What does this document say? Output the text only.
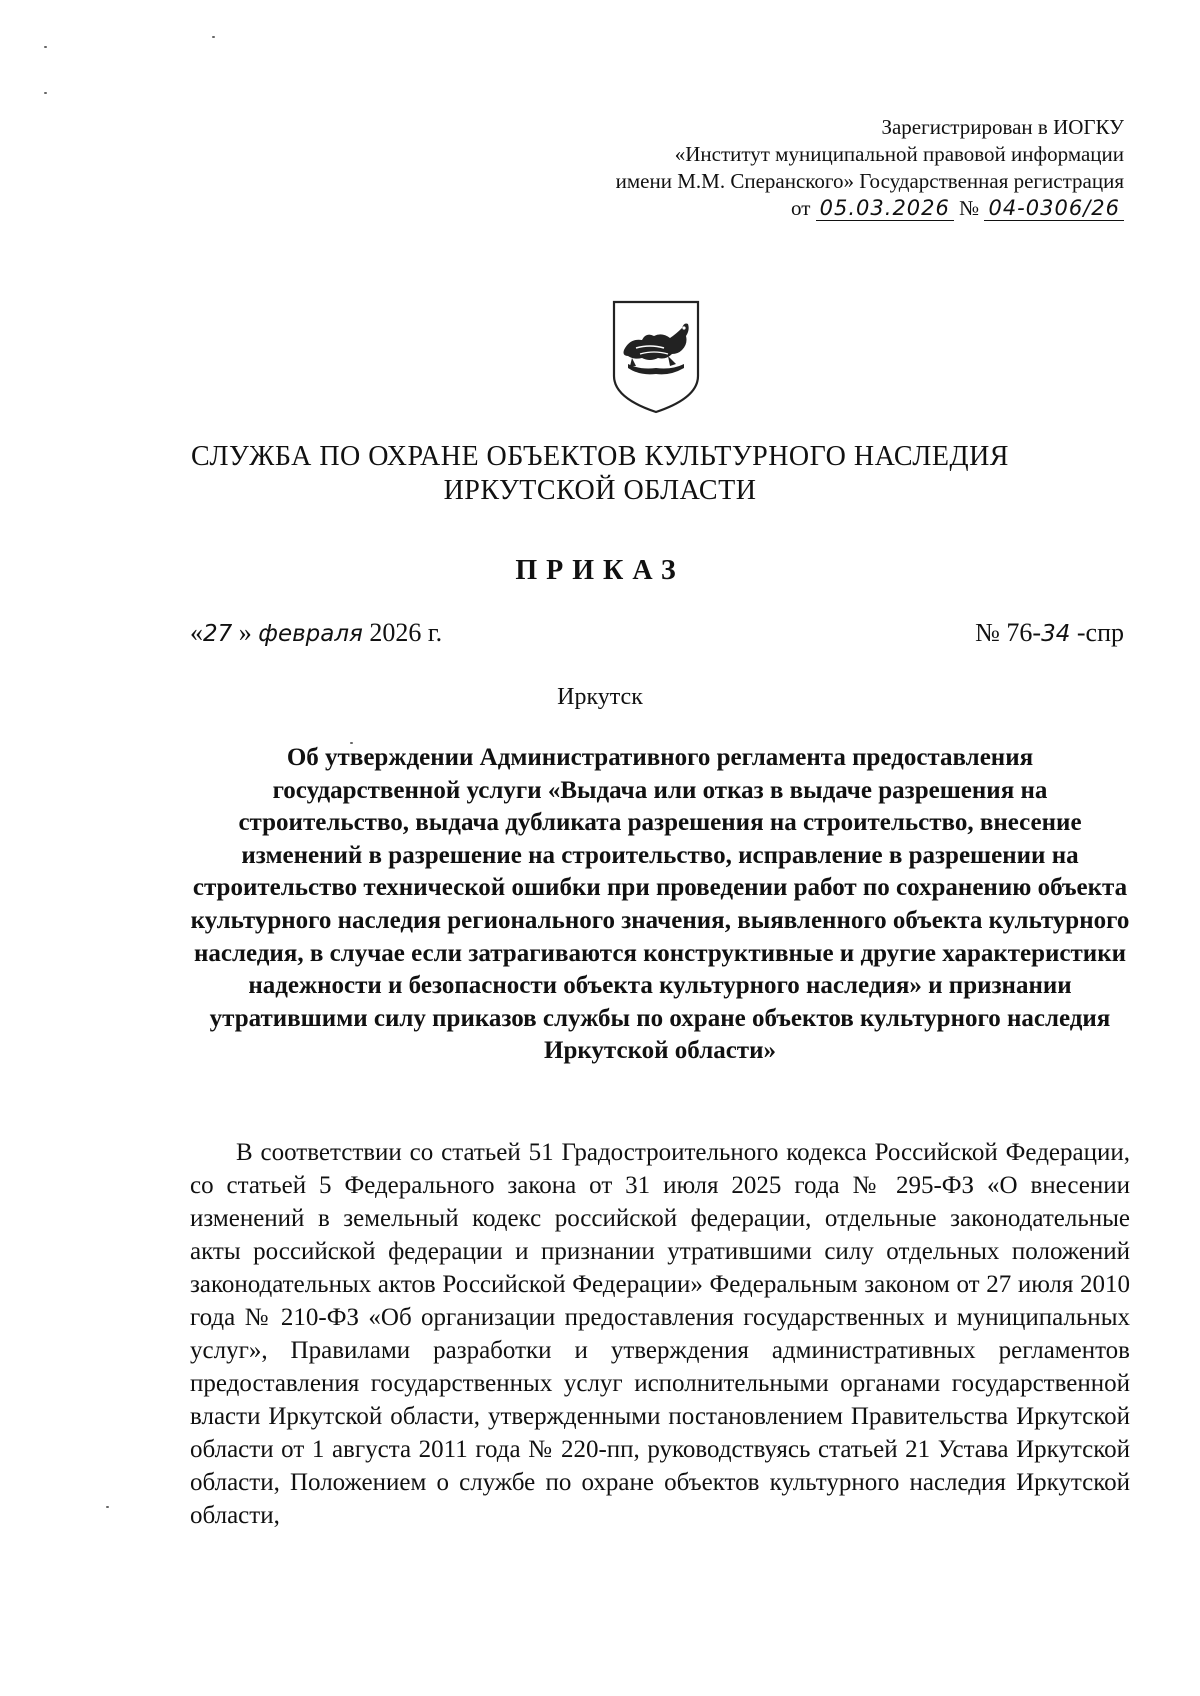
Зарегистрирован в ИОГКУ
«Институт муниципальной правовой информации
имени М.М. Сперанского» Государственная регистрация
от 05.03.2026 № 04-0306/26
СЛУЖБА ПО ОХРАНЕ ОБЪЕКТОВ КУЛЬТУРНОГО НАСЛЕДИЯ
ИРКУТСКОЙ ОБЛАСТИ
ПРИКАЗ
«27 » февраля 2026 г.	№ 76-34 -спр
Иркутск
Об утверждении Административного регламента предоставления государственной услуги «Выдача или отказ в выдаче разрешения на строительство, выдача дубликата разрешения на строительство, внесение изменений в разрешение на строительство, исправление в разрешении на строительство технической ошибки при проведении работ по сохранению объекта культурного наследия регионального значения, выявленного объекта культурного наследия, в случае если затрагиваются конструктивные и другие характеристики надежности и безопасности объекта культурного наследия» и признании утратившими силу приказов службы по охране объектов культурного наследия Иркутской области»
В соответствии со статьей 51 Градостроительного кодекса Российской Федерации, со статьей 5 Федерального закона от 31 июля 2025 года № 295-ФЗ «О внесении изменений в земельный кодекс российской федерации, отдельные законодательные акты российской федерации и признании утратившими силу отдельных положений законодательных актов Российской Федерации» Федеральным законом от 27 июля 2010 года № 210-ФЗ «Об организации предоставления государственных и муниципальных услуг», Правилами разработки и утверждения административных регламентов предоставления государственных услуг исполнительными органами государственной власти Иркутской области, утвержденными постановлением Правительства Иркутской области от 1 августа 2011 года № 220-пп, руководствуясь статьей 21 Устава Иркутской области, Положением о службе по охране объектов культурного наследия Иркутской области,
